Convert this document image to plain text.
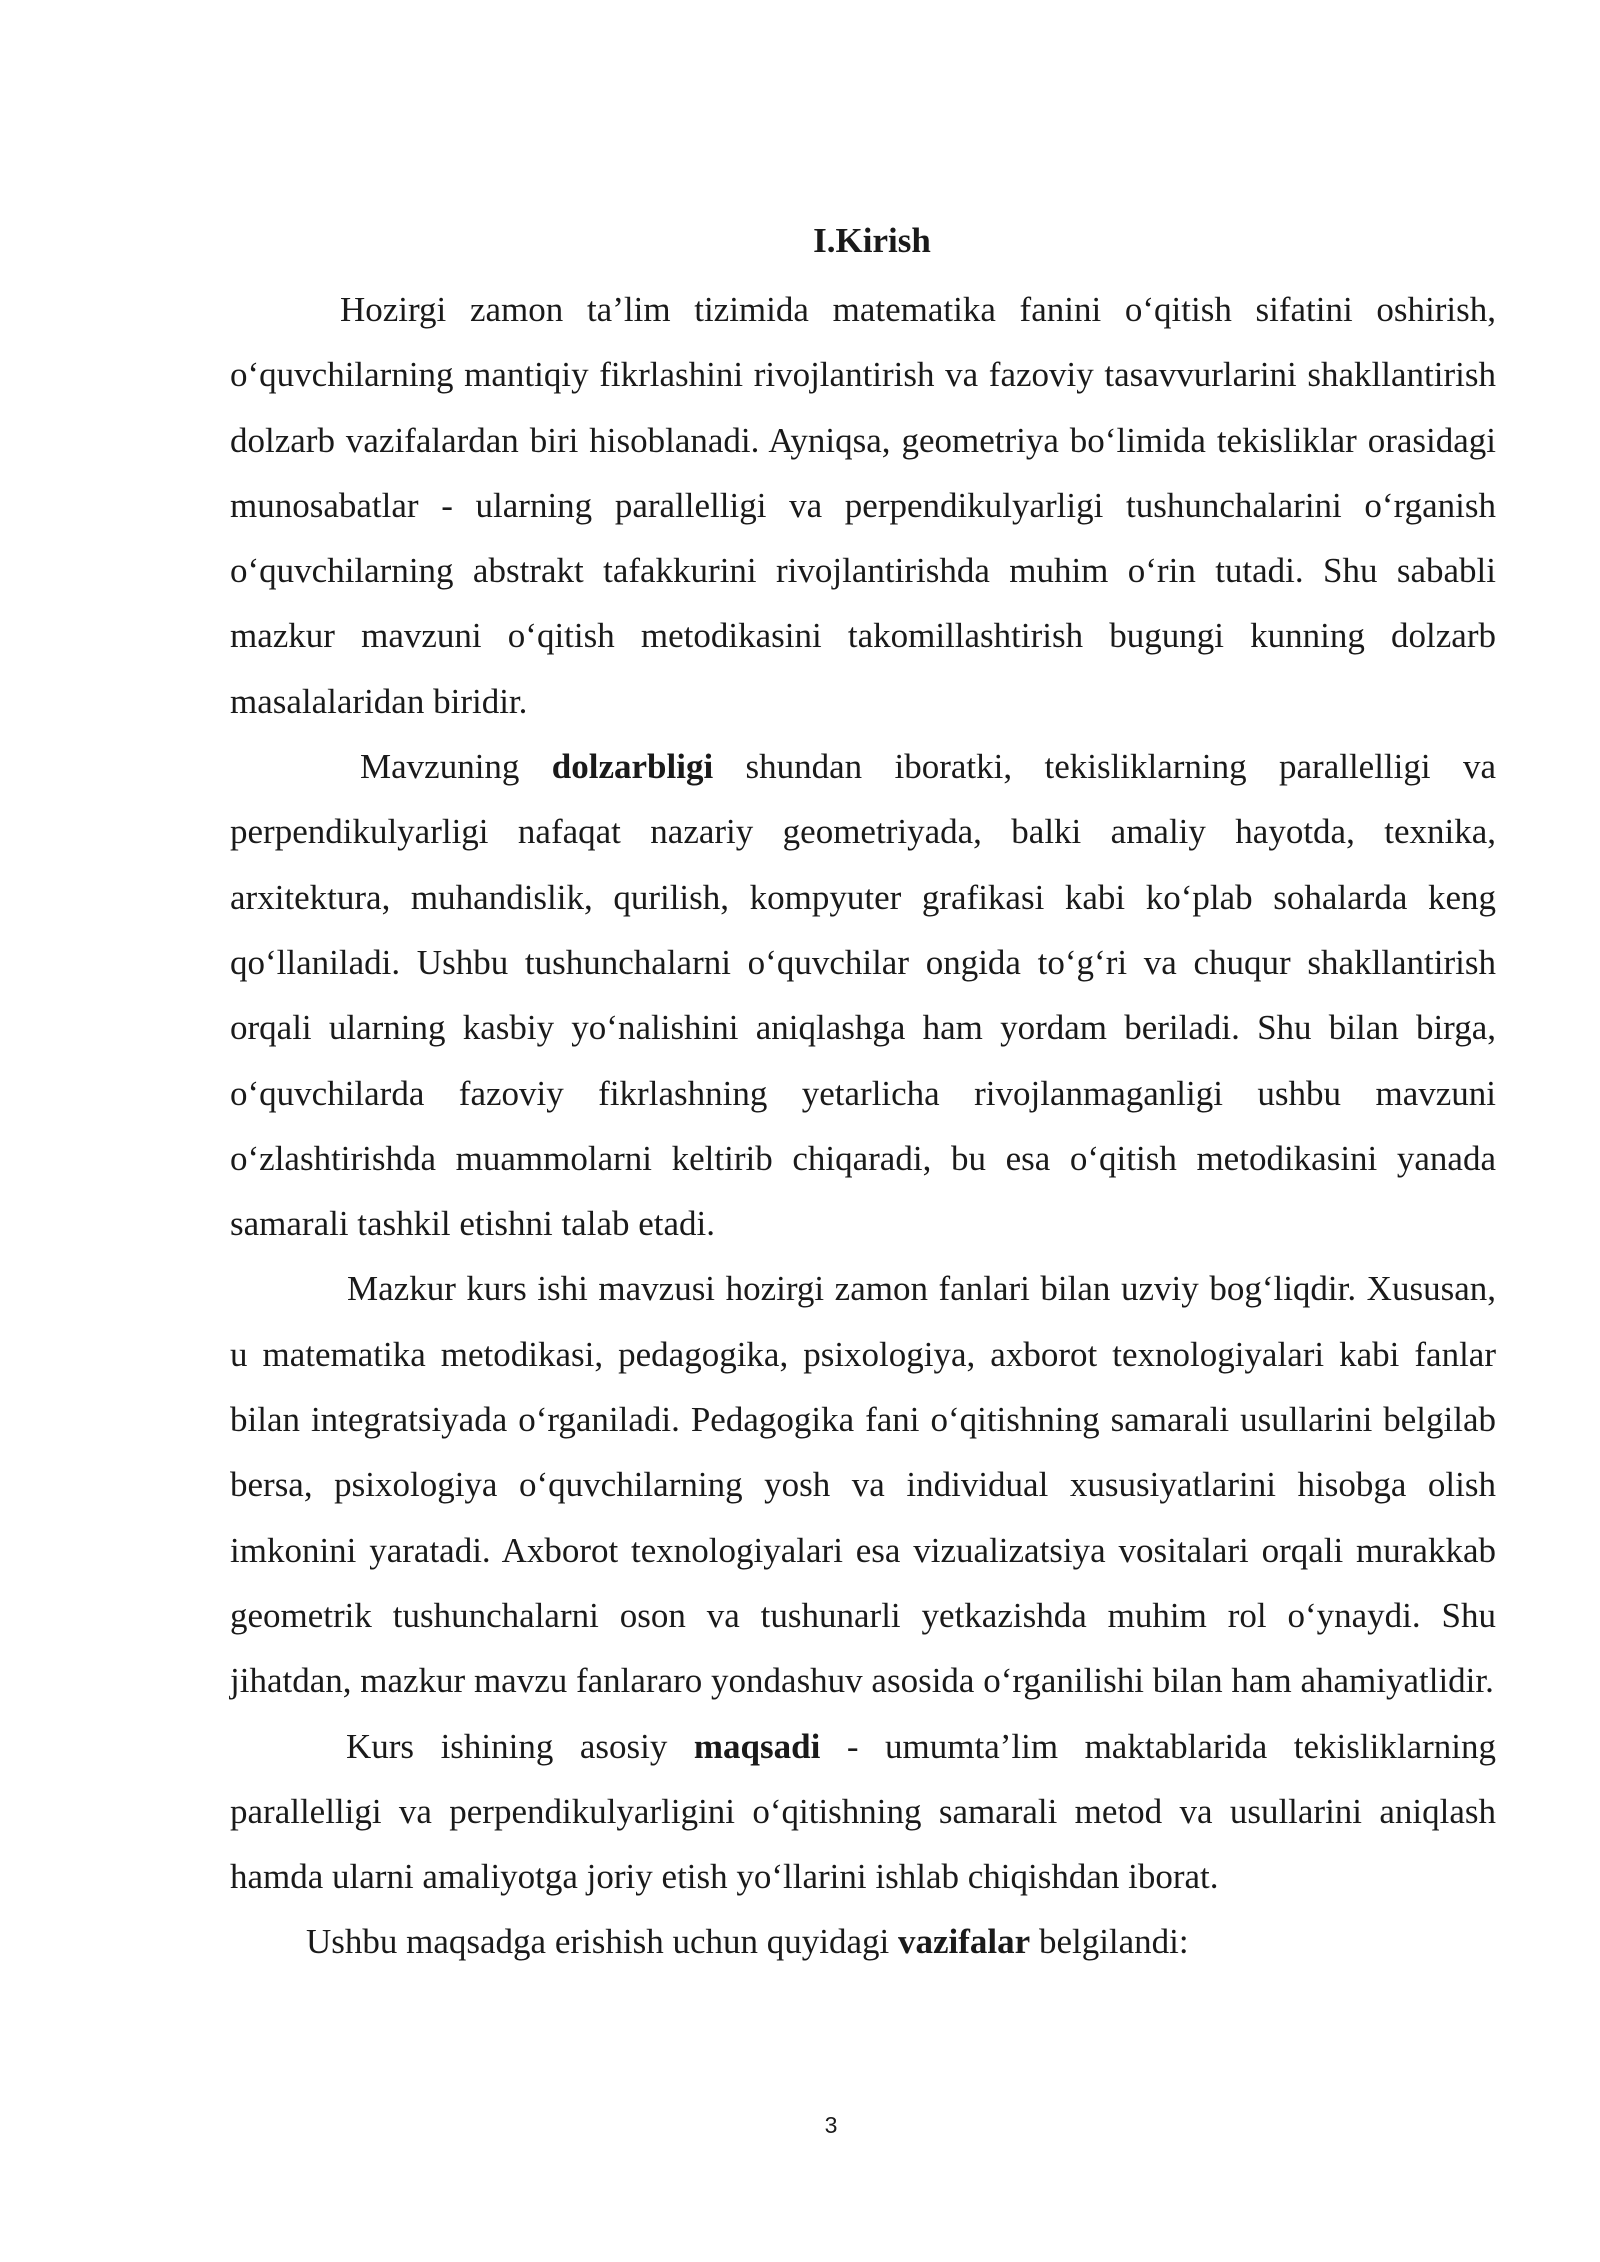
I.Kirish

Hozirgi zamon ta’lim tizimida matematika fanini o‘qitish sifatini oshirish, o‘quvchilarning mantiqiy fikrlashini rivojlantirish va fazoviy tasavvurlarini shakllantirish dolzarb vazifalardan biri hisoblanadi. Ayniqsa, geometriya bo‘limida tekisliklar orasidagi munosabatlar - ularning parallelligi va perpendikulyarligi tushunchalarini o‘rganish o‘quvchilarning abstrakt tafakkurini rivojlantirishda muhim o‘rin tutadi. Shu sababli mazkur mavzuni o‘qitish metodikasini takomillashtirish bugungi kunning dolzarb masalalaridan biridir.

Mavzuning dolzarbligi shundan iboratki, tekisliklarning parallelligi va perpendikulyarligi nafaqat nazariy geometriyada, balki amaliy hayotda, texnika, arxitektura, muhandislik, qurilish, kompyuter grafikasi kabi ko‘plab sohalarda keng qo‘llaniladi. Ushbu tushunchalarni o‘quvchilar ongida to‘g‘ri va chuqur shakllantirish orqali ularning kasbiy yo‘nalishini aniqlashga ham yordam beriladi. Shu bilan birga, o‘quvchilarda fazoviy fikrlashning yetarlicha rivojlanmaganligi ushbu mavzuni o‘zlashtirishda muammolarni keltirib chiqaradi, bu esa o‘qitish metodikasini yanada samarali tashkil etishni talab etadi.

Mazkur kurs ishi mavzusi hozirgi zamon fanlari bilan uzviy bog‘liqdir. Xususan, u matematika metodikasi, pedagogika, psixologiya, axborot texnologiyalari kabi fanlar bilan integratsiyada o‘rganiladi. Pedagogika fani o‘qitishning samarali usullarini belgilab bersa, psixologiya o‘quvchilarning yosh va individual xususiyatlarini hisobga olish imkonini yaratadi. Axborot texnologiyalari esa vizualizatsiya vositalari orqali murakkab geometrik tushunchalarni oson va tushunarli yetkazishda muhim rol o‘ynaydi. Shu jihatdan, mazkur mavzu fanlararo yondashuv asosida o‘rganilishi bilan ham ahamiyatlidir.

Kurs ishining asosiy maqsadi - umumta’lim maktablarida tekisliklarning parallelligi va perpendikulyarligini o‘qitishning samarali metod va usullarini aniqlash hamda ularni amaliyotga joriy etish yo‘llarini ishlab chiqishdan iborat.

Ushbu maqsadga erishish uchun quyidagi vazifalar belgilandi:

3
